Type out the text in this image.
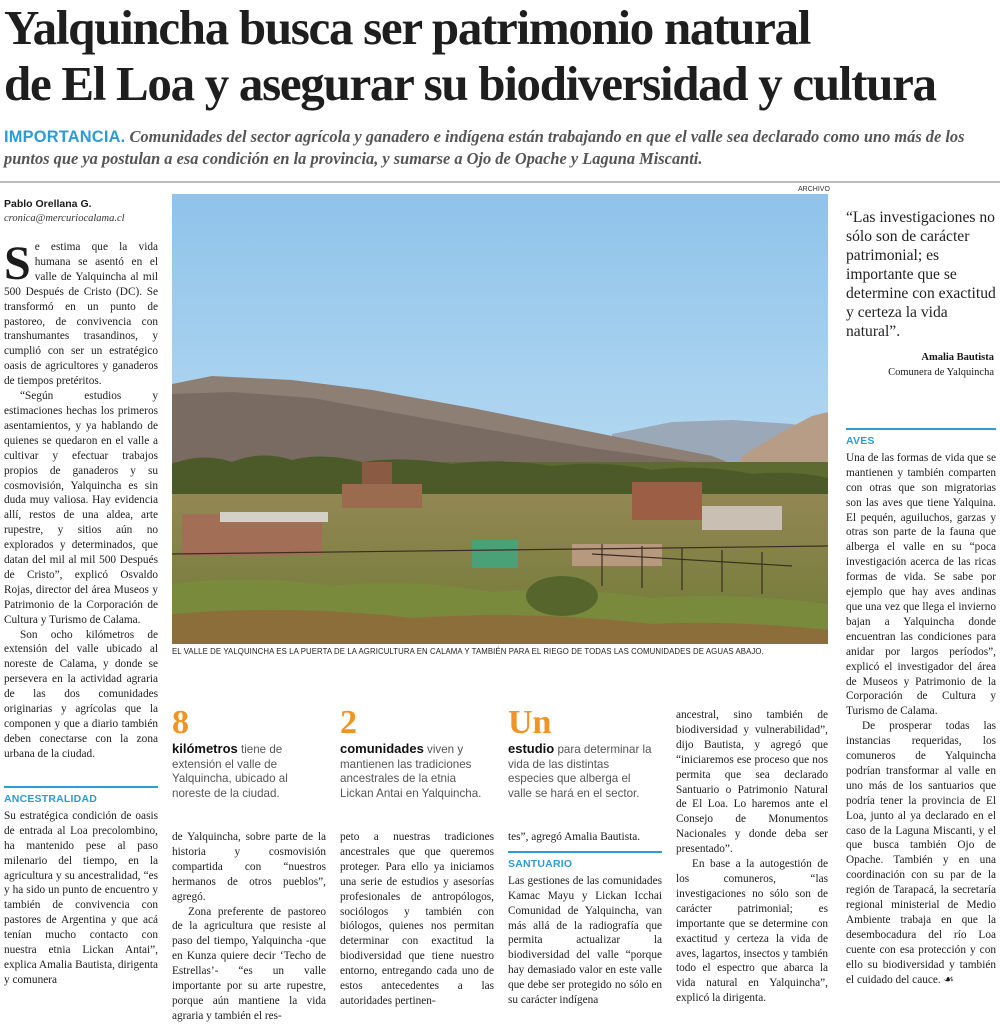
Yalquincha busca ser patrimonio natural
de El Loa y asegurar su biodiversidad y cultura
IMPORTANCIA. Comunidades del sector agrícola y ganadero e indígena están trabajando en que el valle sea declarado como uno más de los puntos que ya postulan a esa condición en la provincia, y sumarse a Ojo de Opache y Laguna Miscanti.
Pablo Orellana G.
cronica@mercuriocalama.cl
ARCHIVO
EL VALLE DE YALQUINCHA ES LA PUERTA DE LA AGRICULTURA EN CALAMA Y TAMBIÉN PARA EL RIEGO DE TODAS LAS COMUNIDADES DE AGUAS ABAJO.
S e estima que la vida humana se asentó en el valle de Yalquincha al mil 500 Después de Cristo (DC). Se transformó en un punto de pastoreo, de convivencia con transhumantes trasandinos, y cumplió con ser un estratégico oasis de agricultores y ganaderos de tiempos pretéritos.

“Según estudios y estimaciones hechas los primeros asentamientos, y ya hablando de quienes se quedaron en el valle a cultivar y efectuar trabajos propios de ganaderos y su cosmovisión, Yalquincha es sin duda muy valiosa. Hay evidencia allí, restos de una aldea, arte rupestre, y sitios aún no explorados y determinados, que datan del mil al mil 500 Después de Cristo”, explicó Osvaldo Rojas, director del área Museos y Patrimonio de la Corporación de Cultura y Turismo de Calama.

Son ocho kilómetros de extensión del valle ubicado al noreste de Calama, y donde se persevera en la actividad agraria de las dos comunidades originarias y agrícolas que la componen y que a diario también deben conectarse con la zona urbana de la ciudad.

ANCESTRALIDAD

Su estratégica condición de oasis de entrada al Loa precolombino, ha mantenido pese al paso milenario del tiempo, en la agricultura y su ancestralidad, “es y ha sido un punto de encuentro y también de convivencia con pastores de Argentina y que acá tenían mucho contacto con nuestra etnia Lickan Antai”, explica Amalia Bautista, dirigenta y comunera

8
kilómetros tiene de extensión el valle de Yalquincha, ubicado al noreste de la ciudad.
2
comunidades viven y mantienen las tradiciones ancestrales de la etnia Lickan Antai en Yalquincha.
Un
estudio para determinar la vida de las distintas especies que alberga el valle se hará en el sector.

de Yalquincha, sobre parte de la historia y cosmovisión compartida con “nuestros hermanos de otros pueblos”, agregó.

Zona preferente de pastoreo de la agricultura que resiste al paso del tiempo, Yalquincha -que en Kunza quiere decir ‘Techo de Estrellas’- “es un valle importante por su arte rupestre, porque aún mantiene la vida agraria y también el res-

peto a nuestras tradiciones ancestrales que que queremos proteger. Para ello ya iniciamos una serie de estudios y asesorías profesionales de antropólogos, sociólogos y también con biólogos, quienes nos permitan determinar con exactitud la biodiversidad que tiene nuestro entorno, entregando cada uno de estos antecedentes a las autoridades pertinen-

tes”, agregó Amalia Bautista.

SANTUARIO

Las gestiones de las comunidades Kamac Mayu y Lickan Icchai Comunidad de Yalquincha, van más allá de la radiografía que permita actualizar la biodiversidad del valle “porque hay demasiado valor en este valle que debe ser protegido no sólo en su carácter indígena

ancestral, sino también de biodiversidad y vulnerabilidad”, dijo Bautista, y agregó que “iniciaremos ese proceso que nos permita que sea declarado Santuario o Patrimonio Natural de El Loa. Lo haremos ante el Consejo de Monumentos Nacionales y donde deba ser presentado”.

En base a la autogestión de los comuneros, “las investigaciones no sólo son de carácter patrimonial; es importante que se determine con exactitud y certeza la vida de aves, lagartos, insectos y también todo el espectro que abarca la vida natural en Yalquincha”, explicó la dirigenta.

“Las investigaciones no sólo son de carácter patrimonial; es importante que se determine con exactitud y certeza la vida natural”.
Amalia Bautista
Comunera de Yalquincha
AVES

Una de las formas de vida que se mantienen y también comparten con otras que son migratorias son las aves que tiene Yalquina. El pequén, aguiluchos, garzas y otras son parte de la fauna que alberga el valle en su “poca investigación acerca de las ricas formas de vida. Se sabe por ejemplo que hay aves andinas que una vez que llega el invierno bajan a Yalquincha donde encuentran las condiciones para anidar por largos períodos”, explicó el investigador del área de Museos y Patrimonio de la Corporación de Cultura y Turismo de Calama.

De prosperar todas las instancias requeridas, los comuneros de Yalquincha podrían transformar al valle en uno más de los santuarios que podría tener la provincia de El Loa, junto al ya declarado en el caso de la Laguna Miscanti, y el que busca también Ojo de Opache. También y en una coordinación con su par de la región de Tarapacá, la secretaría regional ministerial de Medio Ambiente trabaja en que la desembocadura del río Loa cuente con esa protección y con ello su biodiversidad y también el cuidado del cauce. ☙
